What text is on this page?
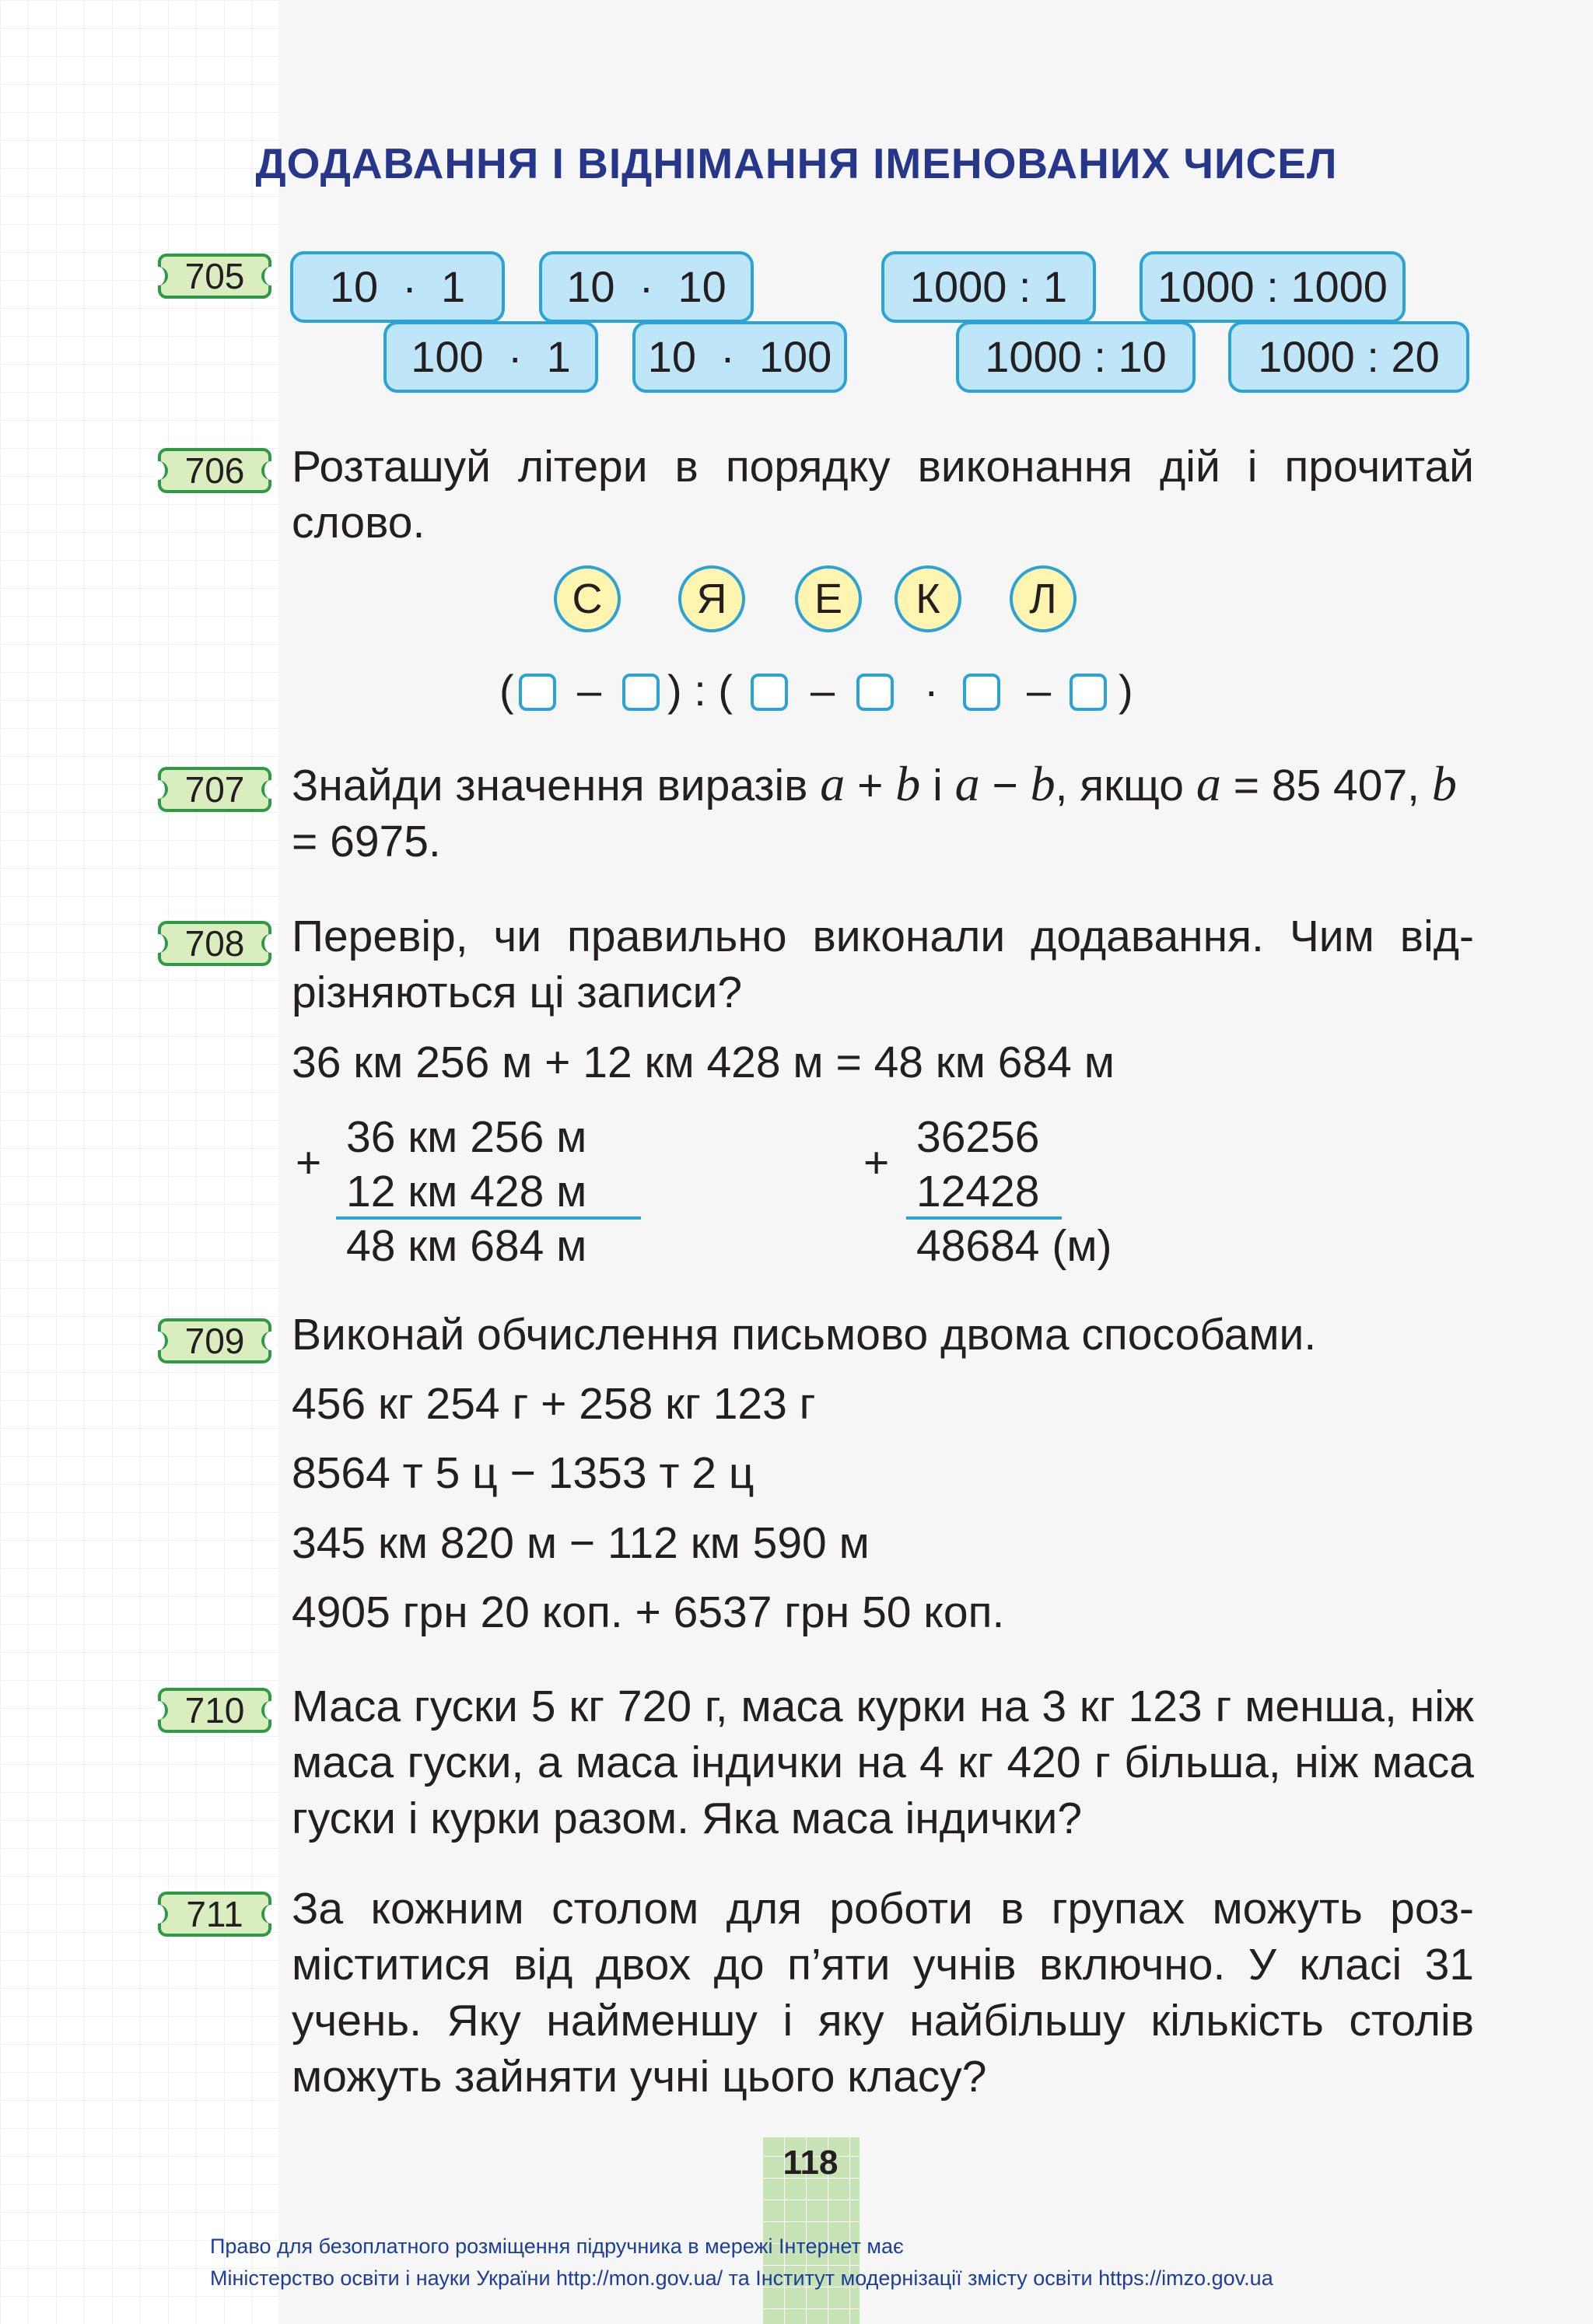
ДОДАВАННЯ І ВІДНІМАННЯ ІМЕНОВАНИХ ЧИСЕЛ
705	10  ·  1	10  ·  10
100  ·  1	10  ·  100
1000 : 1	1000 : 1000
1000 : 10	1000 : 20
706	Розташуй літери в порядку виконання дій і прочитай слово.
С	Я	Е	К	Л
( – ) : ( – · – )
707	Знайди значення виразів a + b і a − b, якщо a = 85 407, b = 6975.
708	Перевір, чи правильно виконали додавання. Чим від-різняються ці записи?
36 км 256 м + 12 км 428 м = 48 км 684 м
+
36 км 256 м
12 км 428 м
48 км 684 м
+
36256
12428
48684 (м)
709	Виконай обчислення письмово двома способами.
456 кг 254 г + 258 кг 123 г
8564 т 5 ц − 1353 т 2 ц
345 км 820 м − 112 км 590 м
4905 грн 20 коп. + 6537 грн 50 коп.
710	Маса гуски 5 кг 720 г, маса курки на 3 кг 123 г менша, ніж маса гуски, а маса індички на 4 кг 420 г більша, ніж маса гуски і курки разом. Яка маса індички?
711	За кожним столом для роботи в групах можуть роз-міститися від двох до п’яти учнів включно. У класі 31 учень. Яку найменшу і яку найбільшу кількість столів можуть зайняти учні цього класу?
118
Право для безоплатного розміщення підручника в мережі Інтернет має
Міністерство освіти і науки України http://mon.gov.ua/ та Інститут модернізації змісту освіти https://imzo.gov.ua
